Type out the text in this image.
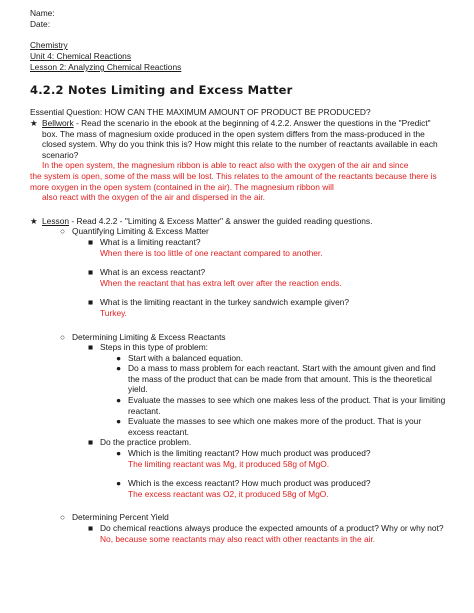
Name:
Date:
Chemistry
Unit 4: Chemical Reactions
Lesson 2: Analyzing Chemical Reactions
4.2.2 Notes Limiting and Excess Matter
Essential Question: HOW CAN THE MAXIMUM AMOUNT OF PRODUCT BE PRODUCED?
★ Bellwork - Read the scenario in the ebook at the beginning of 4.2.2. Answer the questions in the "Predict" box. The mass of magnesium oxide produced in the open system differs from the mass-produced in the closed system. Why do you think this is? How might this relate to the number of reactants available in each scenario?
In the open system, the magnesium ribbon is able to react also with the oxygen of the air and since
the system is open, some of the mass will be lost. This relates to the amount of the reactants because there is more oxygen in the open system (contained in the air). The magnesium ribbon will
also react with the oxygen of the air and dispersed in the air.
★ Lesson - Read 4.2.2 - "Limiting & Excess Matter" & answer the guided reading questions.
○ Quantifying Limiting & Excess Matter
■ What is a limiting reactant?
When there is too little of one reactant compared to another.
■ What is an excess reactant?
When the reactant that has extra left over after the reaction ends.
■ What is the limiting reactant in the turkey sandwich example given?
Turkey.
○ Determining Limiting & Excess Reactants
■ Steps in this type of problem:
● Start with a balanced equation.
● Do a mass to mass problem for each reactant. Start with the amount given and find the mass of the product that can be made from that amount. This is the theoretical yield.
● Evaluate the masses to see which one makes less of the product. That is your limiting reactant.
● Evaluate the masses to see which one makes more of the product. That is your excess reactant.
■ Do the practice problem.
● Which is the limiting reactant? How much product was produced?
The limiting reactant was Mg, it produced 58g of MgO.
● Which is the excess reactant? How much product was produced?
The excess reactant was O2, it produced 58g of MgO.
○ Determining Percent Yield
■ Do chemical reactions always produce the expected amounts of a product? Why or why not?
No, because some reactants may also react with other reactants in the air.
